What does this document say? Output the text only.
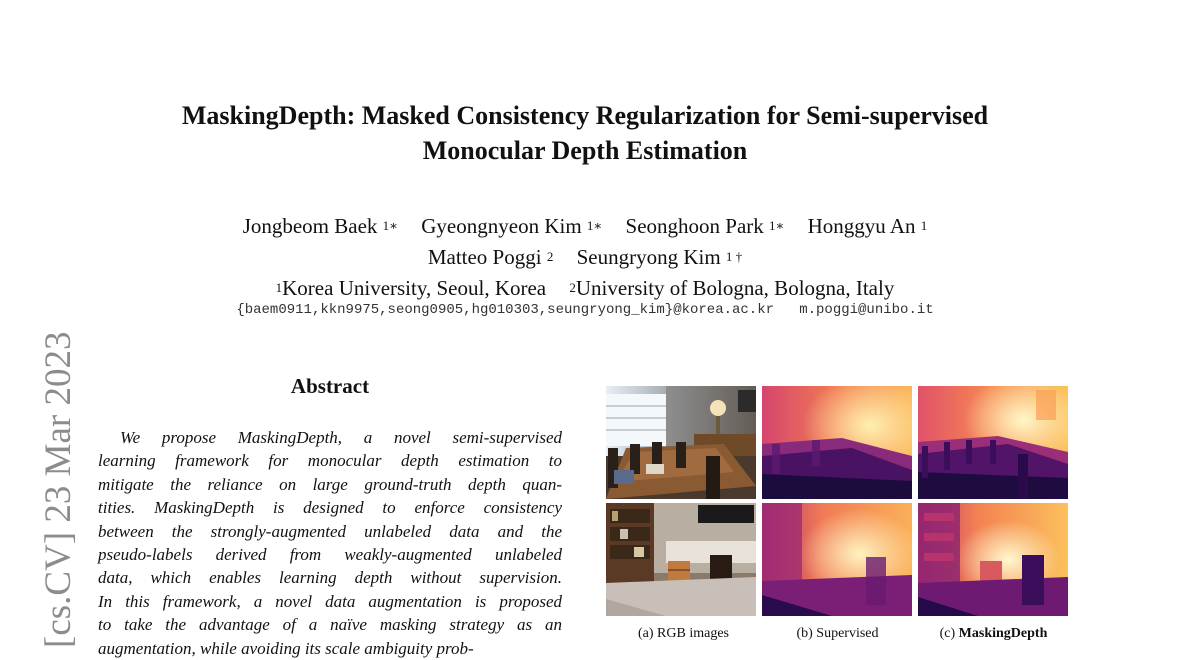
[cs.CV] 23 Mar 2023
MaskingDepth: Masked Consistency Regularization for Semi-supervised
Monocular Depth Estimation
Jongbeom Baek $^{1∗}$ Gyeongnyeon Kim $^{1∗}$ Seonghoon Park $^{1∗}$ Honggyu An $^1$
Matteo Poggi $^2$ Seungryong Kim $^{1 \dagger}$
$^1$Korea University, Seoul, Korea $^2$University of Bologna, Bologna, Italy
{baem0911,kkn9975,seong0905,hg010303,seungryong_kim}@korea.ac.kr   m.poggi@unibo.it
Abstract
We propose MaskingDepth, a novel semi-supervised
learning framework for monocular depth estimation to
mitigate the reliance on large ground-truth depth quan-
tities. MaskingDepth is designed to enforce consistency
between the strongly-augmented unlabeled data and the
pseudo-labels derived from weakly-augmented unlabeled
data, which enables learning depth without supervision.
In this framework, a novel data augmentation is proposed
to take the advantage of a naïve masking strategy as an
augmentation, while avoiding its scale ambiguity prob-
(a) RGB images	(b) Supervised	(c) MaskingDepth
